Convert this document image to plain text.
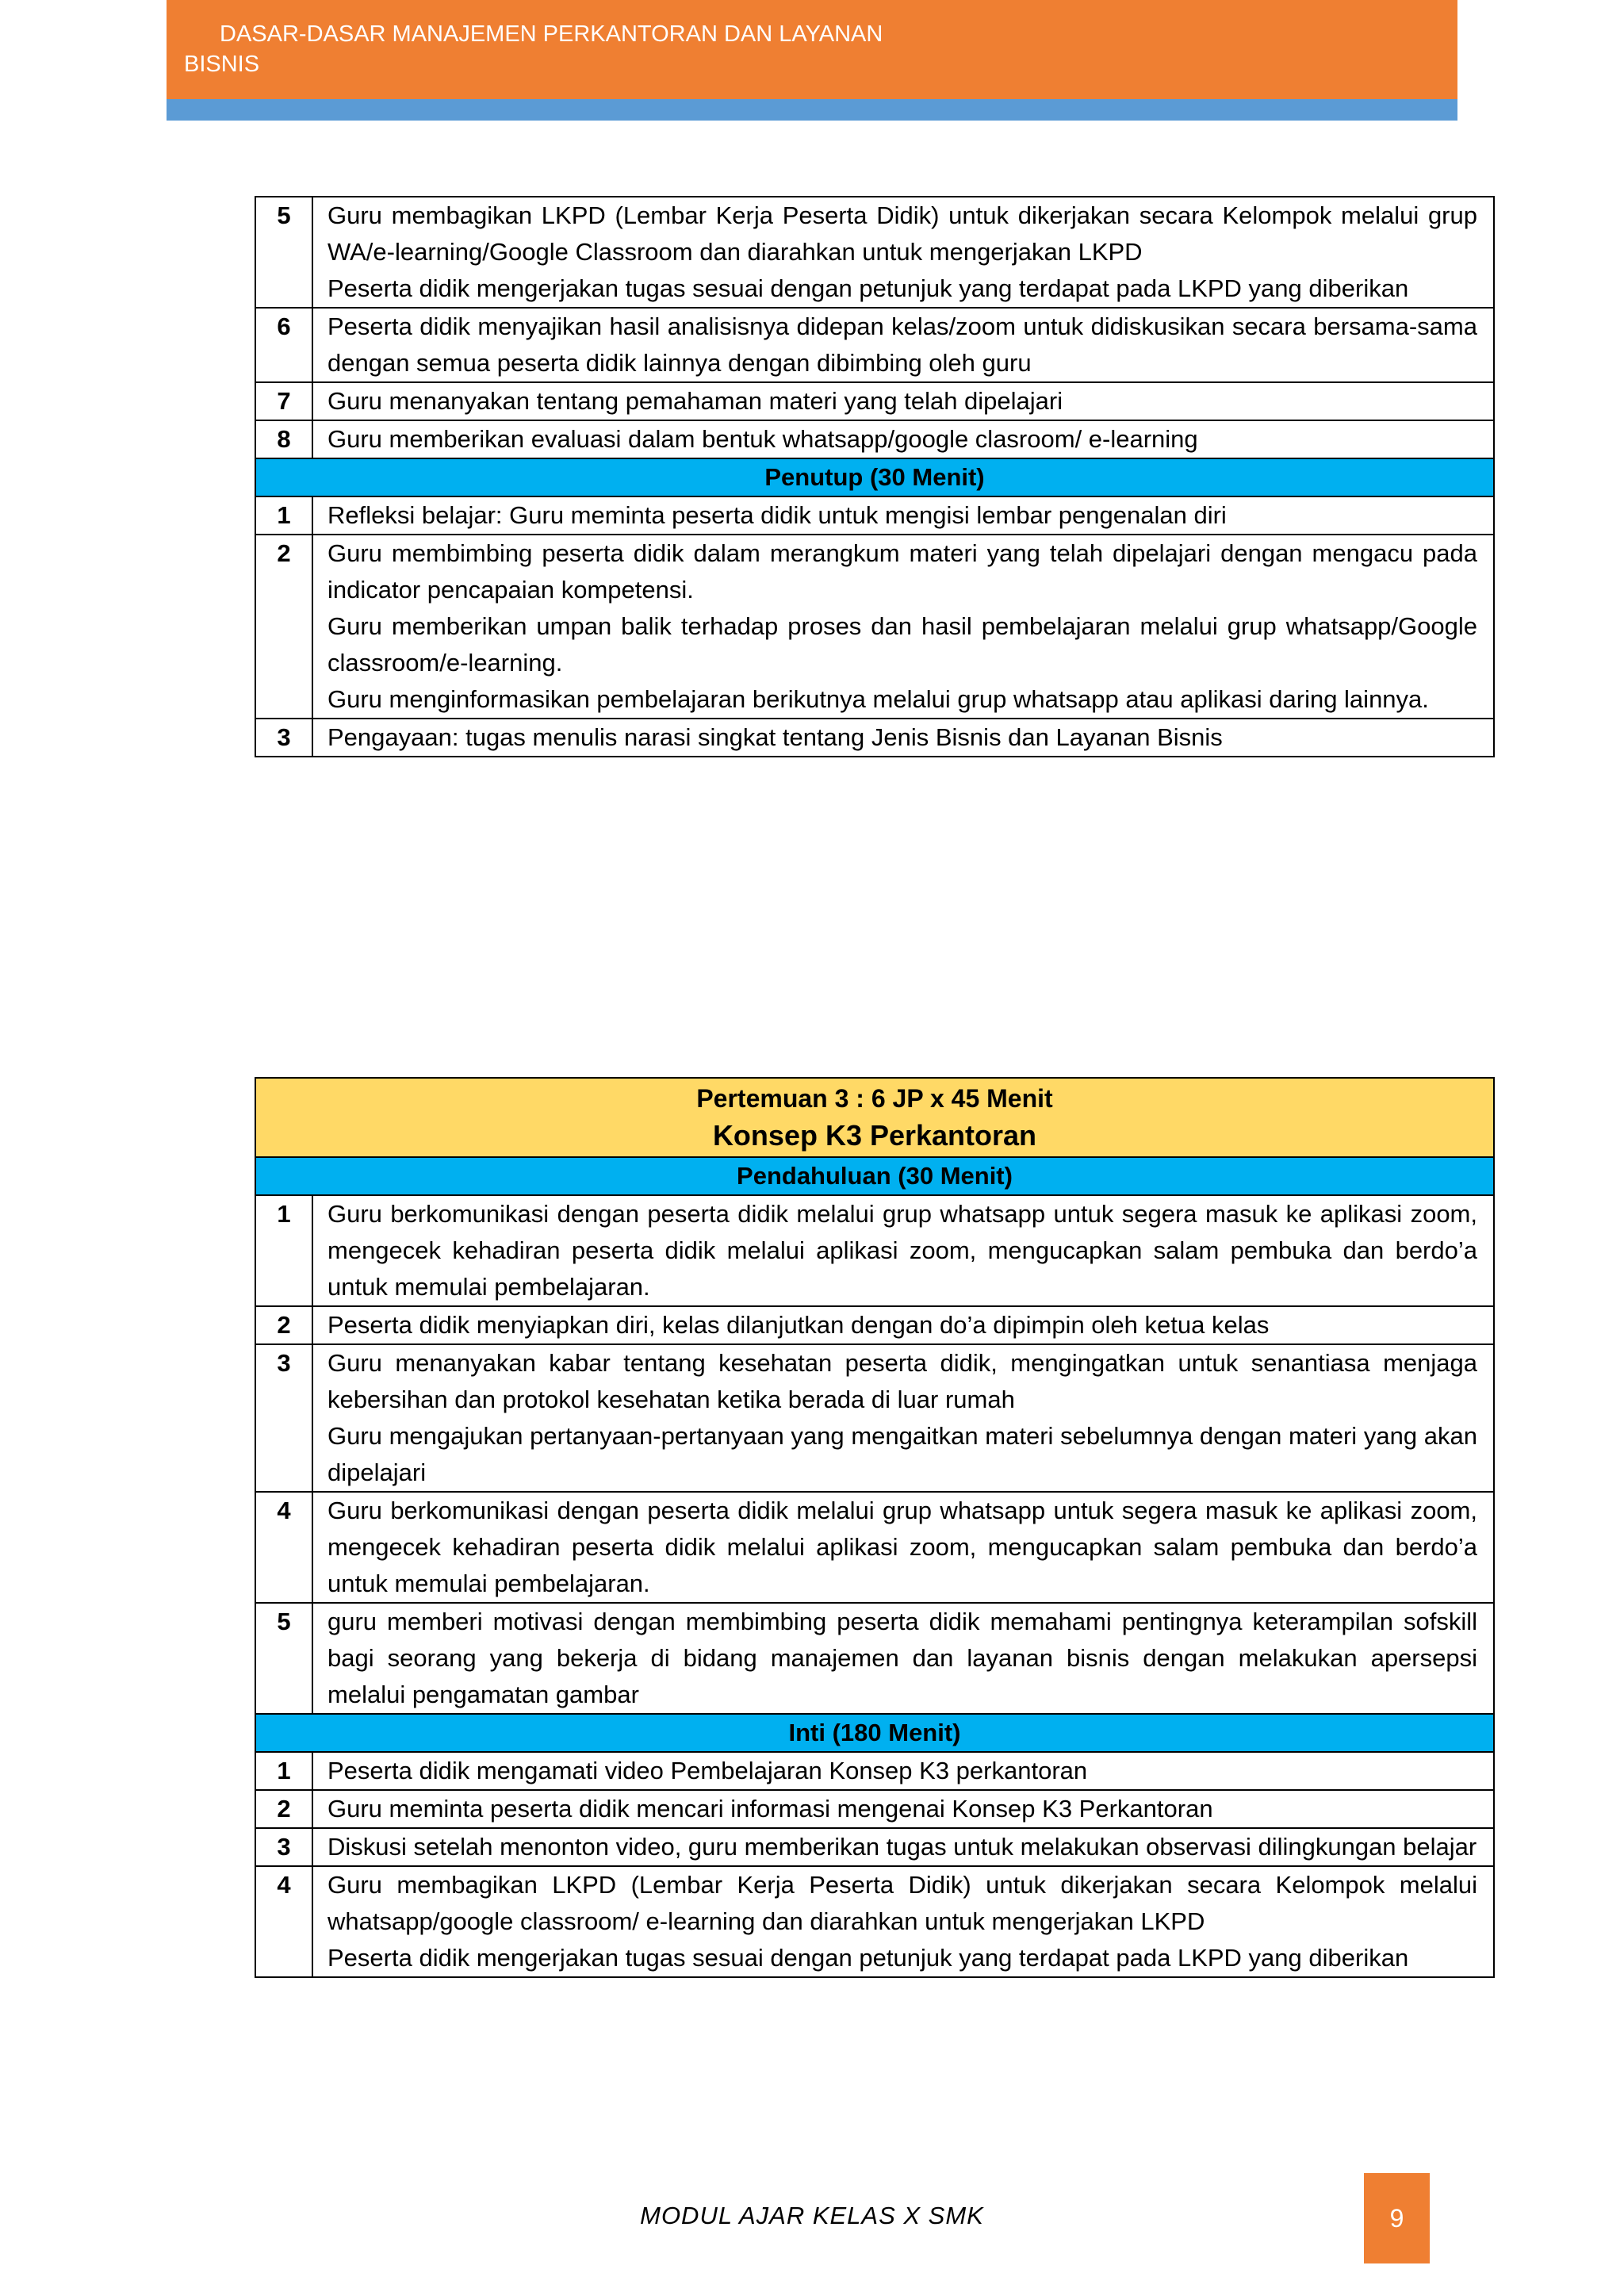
DASAR-DASAR MANAJEMEN PERKANTORAN DAN LAYANAN
BISNIS
5	Guru membagikan LKPD (Lembar Kerja Peserta Didik) untuk dikerjakan secara Kelompok melalui grup WA/e-learning/Google Classroom dan diarahkan untuk mengerjakan LKPD

Peserta didik mengerjakan tugas sesuai dengan petunjuk yang terdapat pada LKPD yang diberikan

6	Peserta didik menyajikan hasil analisisnya didepan kelas/zoom untuk didiskusikan secara bersama-sama dengan semua peserta didik lainnya dengan dibimbing oleh guru

7	Guru menanyakan tentang pemahaman materi yang telah dipelajari

8	Guru memberikan evaluasi dalam bentuk whatsapp/google clasroom/ e-learning

Penutup (30 Menit)	
1	Refleksi belajar: Guru meminta peserta didik untuk mengisi lembar pengenalan diri

2	Guru membimbing peserta didik dalam merangkum materi yang telah dipelajari dengan mengacu pada indicator pencapaian kompetensi.

Guru memberikan umpan balik terhadap proses dan hasil pembelajaran melalui grup whatsapp/Google classroom/e-learning.

Guru menginformasikan pembelajaran berikutnya melalui grup whatsapp atau aplikasi daring lainnya.

3	Pengayaan: tugas menulis narasi singkat tentang Jenis Bisnis dan Layanan Bisnis

Pertemuan 3 : 6 JP x 45 Menit
Konsep K3 Perkantoran	

Pendahuluan (30 Menit)	
1	Guru berkomunikasi dengan peserta didik melalui grup whatsapp untuk segera masuk ke aplikasi zoom, mengecek kehadiran peserta didik melalui aplikasi zoom, mengucapkan salam pembuka dan berdo’a untuk memulai pembelajaran.

2	Peserta didik menyiapkan diri, kelas dilanjutkan dengan do’a dipimpin oleh ketua kelas

3	Guru menanyakan kabar tentang kesehatan peserta didik, mengingatkan untuk senantiasa menjaga kebersihan dan protokol kesehatan ketika berada di luar rumah

Guru mengajukan pertanyaan-pertanyaan yang mengaitkan materi sebelumnya dengan materi yang akan dipelajari

4	Guru berkomunikasi dengan peserta didik melalui grup whatsapp untuk segera masuk ke aplikasi zoom, mengecek kehadiran peserta didik melalui aplikasi zoom, mengucapkan salam pembuka dan berdo’a untuk memulai pembelajaran.

5	guru memberi motivasi dengan membimbing peserta didik memahami pentingnya keterampilan sofskill bagi seorang yang bekerja di bidang manajemen dan layanan bisnis dengan melakukan apersepsi melalui pengamatan gambar

Inti (180 Menit)	
1	Peserta didik mengamati video Pembelajaran Konsep K3 perkantoran

2	Guru meminta peserta didik mencari informasi mengenai Konsep K3 Perkantoran

3	Diskusi setelah menonton video, guru memberikan tugas untuk melakukan observasi dilingkungan belajar

4	Guru membagikan LKPD (Lembar Kerja Peserta Didik) untuk dikerjakan secara Kelompok melalui whatsapp/google classroom/ e-learning dan diarahkan untuk mengerjakan LKPD

Peserta didik mengerjakan tugas sesuai dengan petunjuk yang terdapat pada LKPD yang diberikan

MODUL AJAR KELAS X SMK	9
